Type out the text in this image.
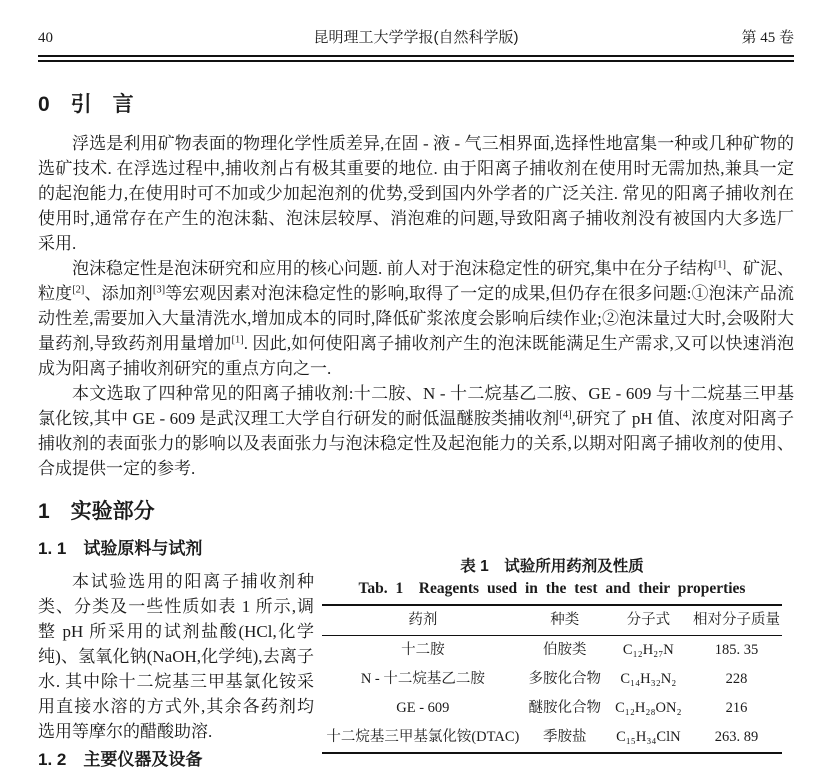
40	昆明理工大学学报(自然科学版)	第 45 卷
0　引　言

浮选是利用矿物表面的物理化学性质差异,在固 - 液 - 气三相界面,选择性地富集一种或几种矿物的选矿技术. 在浮选过程中,捕收剂占有极其重要的地位. 由于阳离子捕收剂在使用时无需加热,兼具一定的起泡能力,在使用时可不加或少加起泡剂的优势,受到国内外学者的广泛关注. 常见的阳离子捕收剂在使用时,通常存在产生的泡沫黏、泡沫层较厚、消泡难的问题,导致阳离子捕收剂没有被国内大多选厂采用.

泡沫稳定性是泡沫研究和应用的核心问题. 前人对于泡沫稳定性的研究,集中在分子结构[1]、矿泥、粒度[2]、添加剂[3]等宏观因素对泡沫稳定性的影响,取得了一定的成果,但仍存在很多问题:①泡沫产品流动性差,需要加入大量清洗水,增加成本的同时,降低矿浆浓度会影响后续作业;②泡沫量过大时,会吸附大量药剂,导致药剂用量增加[1]. 因此,如何使阳离子捕收剂产生的泡沫既能满足生产需求,又可以快速消泡成为阳离子捕收剂研究的重点方向之一.

本文选取了四种常见的阳离子捕收剂:十二胺、N - 十二烷基乙二胺、GE - 609 与十二烷基三甲基氯化铵,其中 GE - 609 是武汉理工大学自行研发的耐低温醚胺类捕收剂[4],研究了 pH 值、浓度对阳离子捕收剂的表面张力的影响以及表面张力与泡沫稳定性及起泡能力的关系,以期对阳离子捕收剂的使用、合成提供一定的参考.

1　实验部分
1. 1　试验原料与试剂

本试验选用的阳离子捕收剂种类、分类及一些性质如表 1 所示,调整 pH 所采用的试剂盐酸(HCl,化学纯)、氢氧化钠(NaOH,化学纯),去离子水. 其中除十二烷基三甲基氯化铵采用直接水溶的方式外,其余各药剂均选用等摩尔的醋酸助溶.

1. 2　主要仪器及设备
表 1　试验所用药剂及性质
Tab. 1　Reagents used in the test and their properties
药剂	种类	分子式	相对分子质量
十二胺	伯胺类	C₁₂H₂₇N	185. 35
N - 十二烷基乙二胺	多胺化合物	C₁₄H₃₂N₂	228
GE - 609	醚胺化合物	C₁₂H₂₈ON₂	216
十二烷基三甲基氯化铵(DTAC)	季胺盐	C₁₅H₃₄ClN	263. 89
